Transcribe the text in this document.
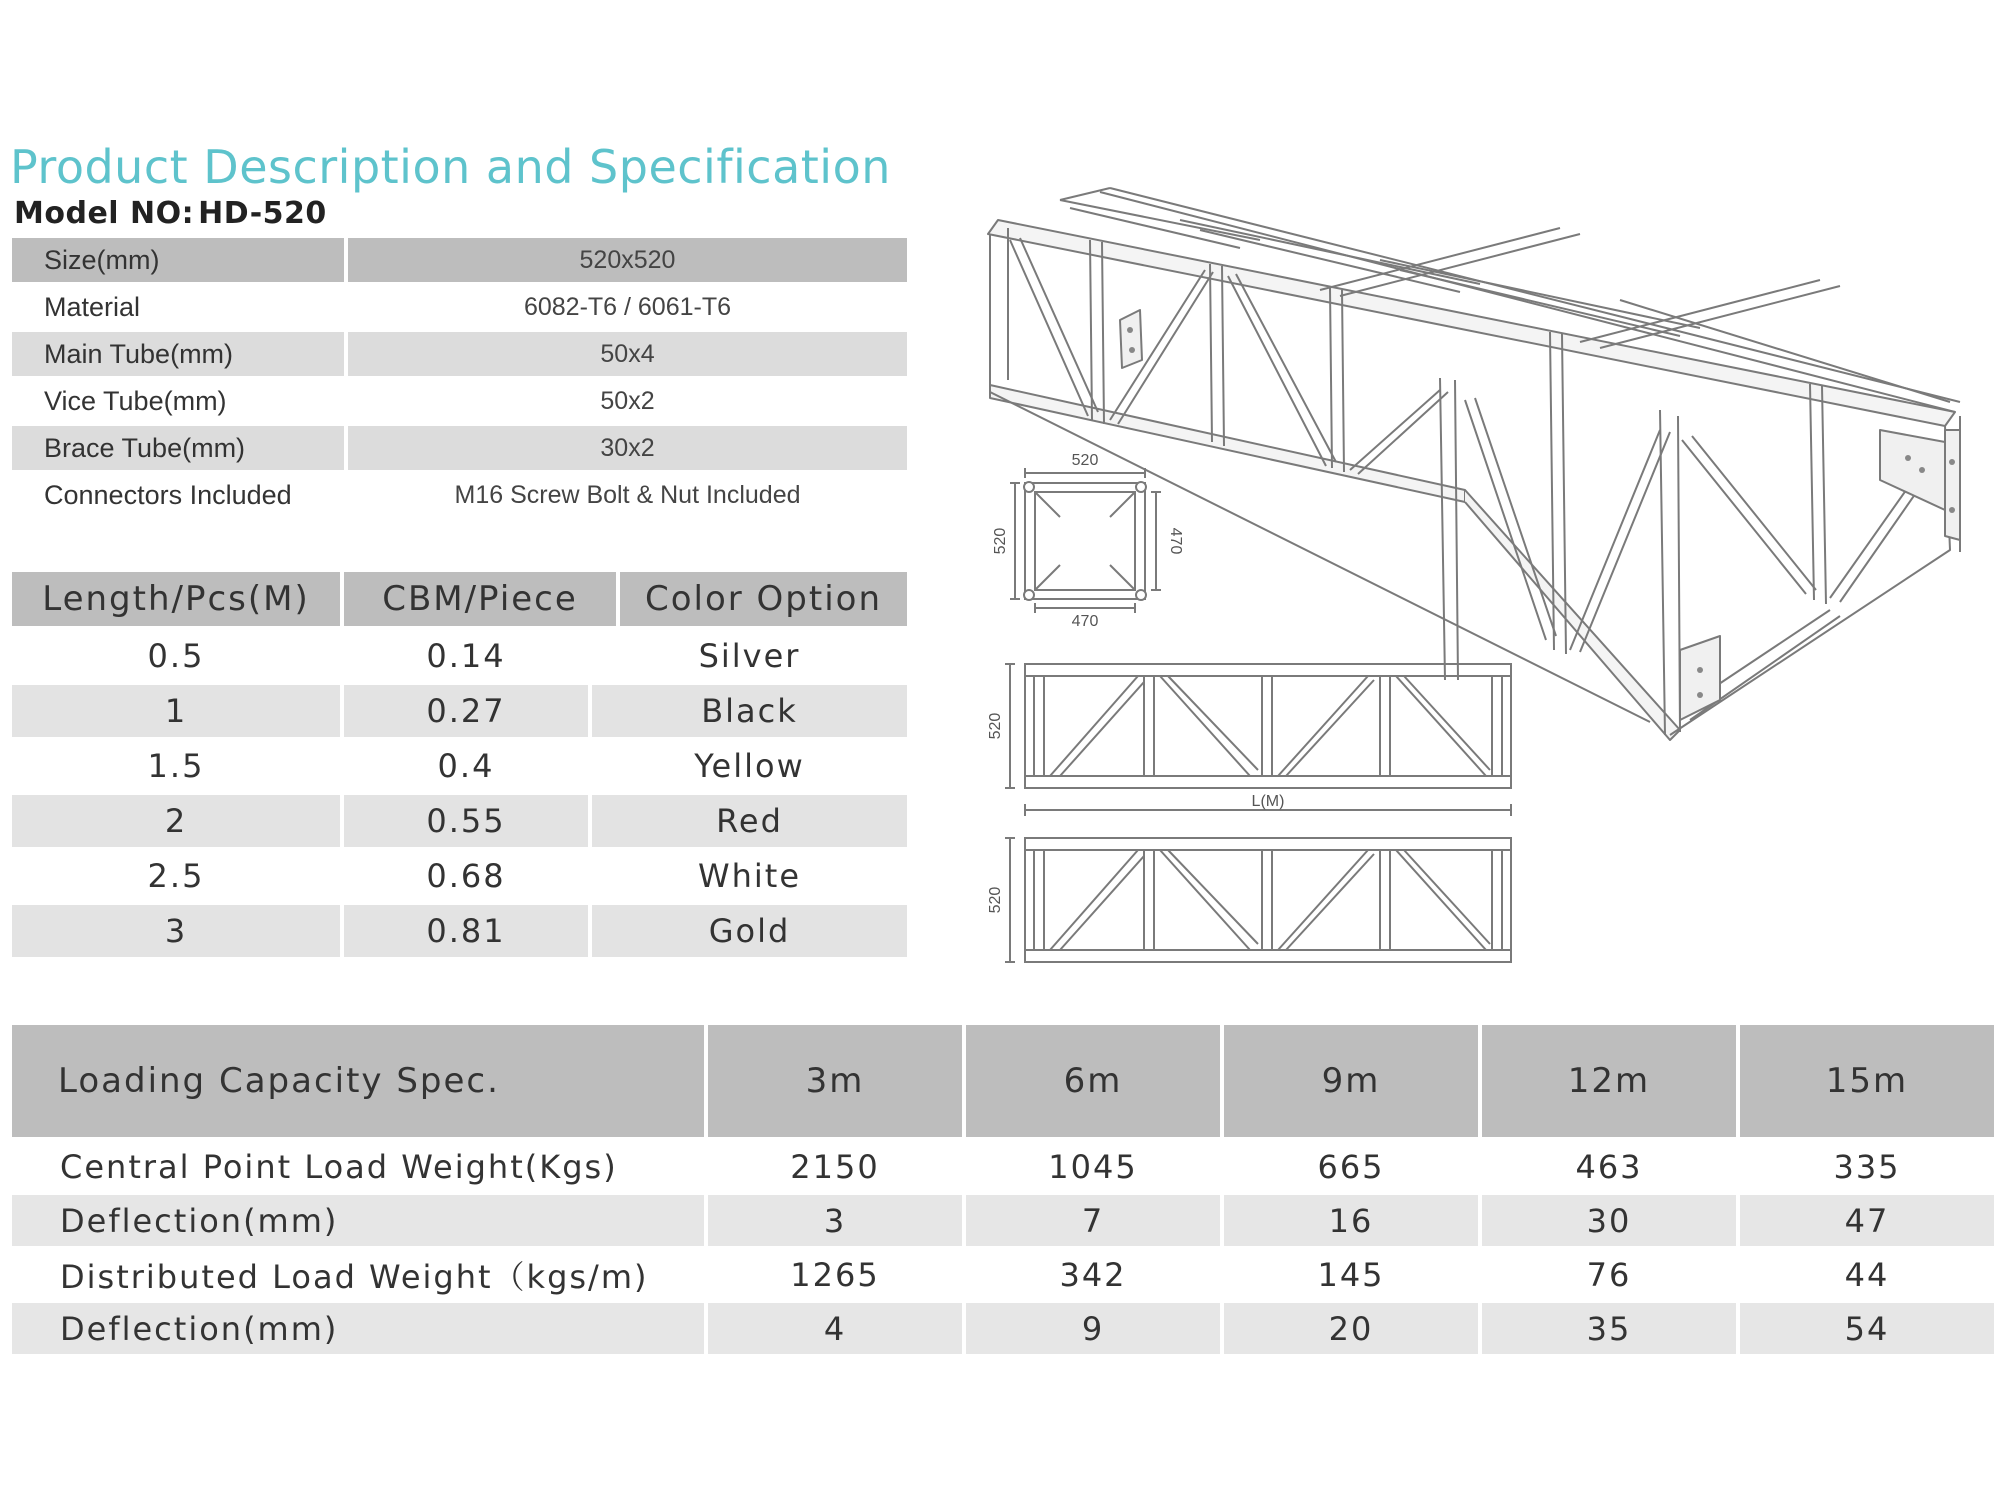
Product Description and Specification
Model NO: HD-520
Size(mm)	520x520
Material	6082-T6 / 6061-T6
Main Tube(mm)	50x4
Vice Tube(mm)	50x2
Brace Tube(mm)	30x2
Connectors Included	M16 Screw Bolt & Nut Included
Length/Pcs(M)	CBM/Piece	Color Option
0.5	0.14	Silver
1	0.27	Black
1.5	0.4	Yellow
2	0.55	Red
2.5	0.68	White
3	0.81	Gold
520
520	470
470
520
L(M)
520
Loading Capacity Spec.	3m	6m	9m	12m	15m
Central Point Load Weight(Kgs)	2150	1045	665	463	335
Deflection(mm)	3	7	16	30	47
Distributed Load Weight（kgs/m)	1265	342	145	76	44
Deflection(mm)	4	9	20	35	54
